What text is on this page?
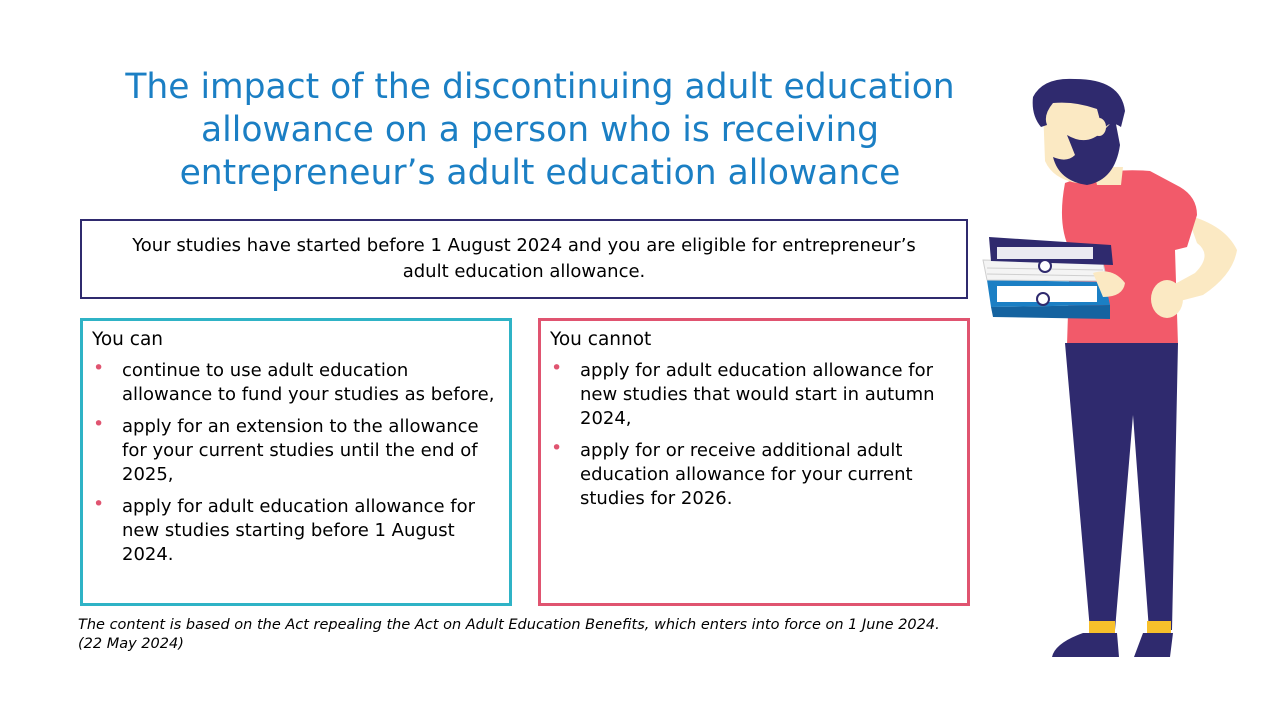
The impact of the discontinuing adult education allowance on a person who is receiving entrepreneur’s adult education allowance

Your studies have started before 1 August 2024 and you are eligible for entrepreneur’s adult education allowance.

You can
• continue to use adult education allowance to fund your studies as before,
• apply for an extension to the allowance for your current studies until the end of 2025,
• apply for adult education allowance for new studies starting before 1 August 2024.
You cannot
• apply for adult education allowance for new studies that would start in autumn 2024,
• apply for or receive additional adult education allowance for your current studies for 2026.

The content is based on the Act repealing the Act on Adult Education Benefits, which enters into force on 1 June 2024.
(22 May 2024)
